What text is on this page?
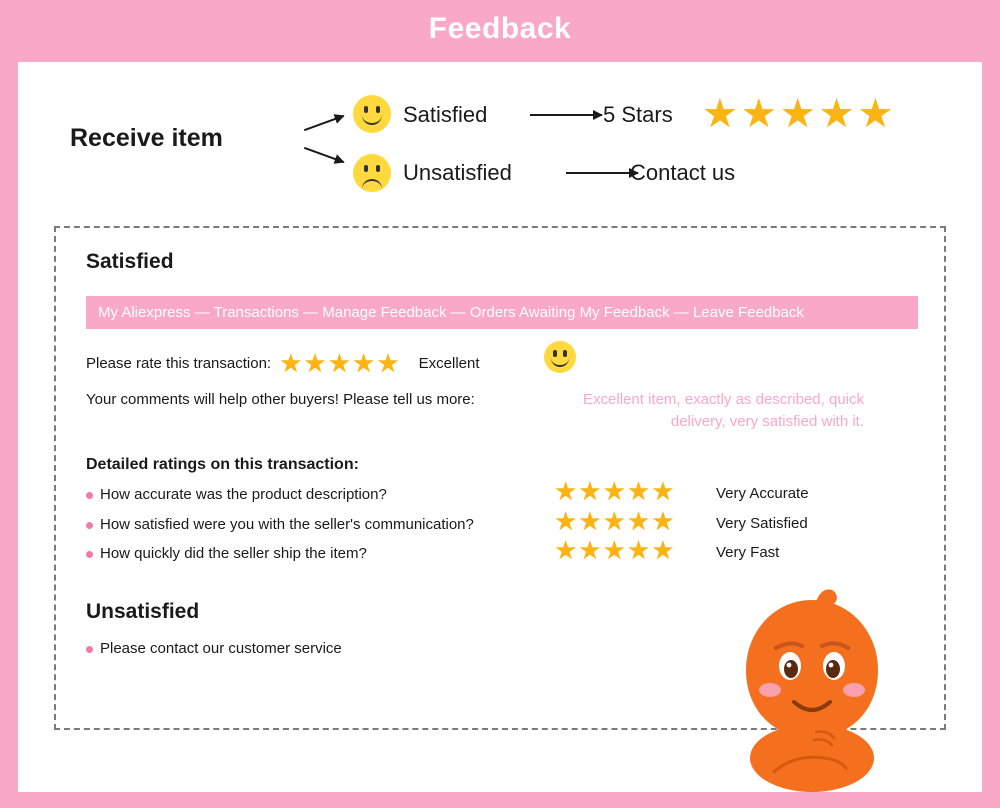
Feedback
Receive item
Satisfied
Unsatisfied
5 Stars
Contact us
★★★★★
Satisfied
My Aliexpress — Transactions — Manage Feedback — Orders Awaiting My Feedback — Leave Feedback
Please rate this transaction: ★★★★★ Excellent
Your comments will help other buyers! Please tell us more:	Excellent item, exactly as described, quick delivery, very satisfied with it.
Detailed ratings on this transaction:
How accurate was the product description?
How satisfied were you with the seller's communication?
How quickly did the seller ship the item?
★★★★★
★★★★★
★★★★★
Very Accurate
Very Satisfied
Very Fast
Unsatisfied
Please contact our customer service
